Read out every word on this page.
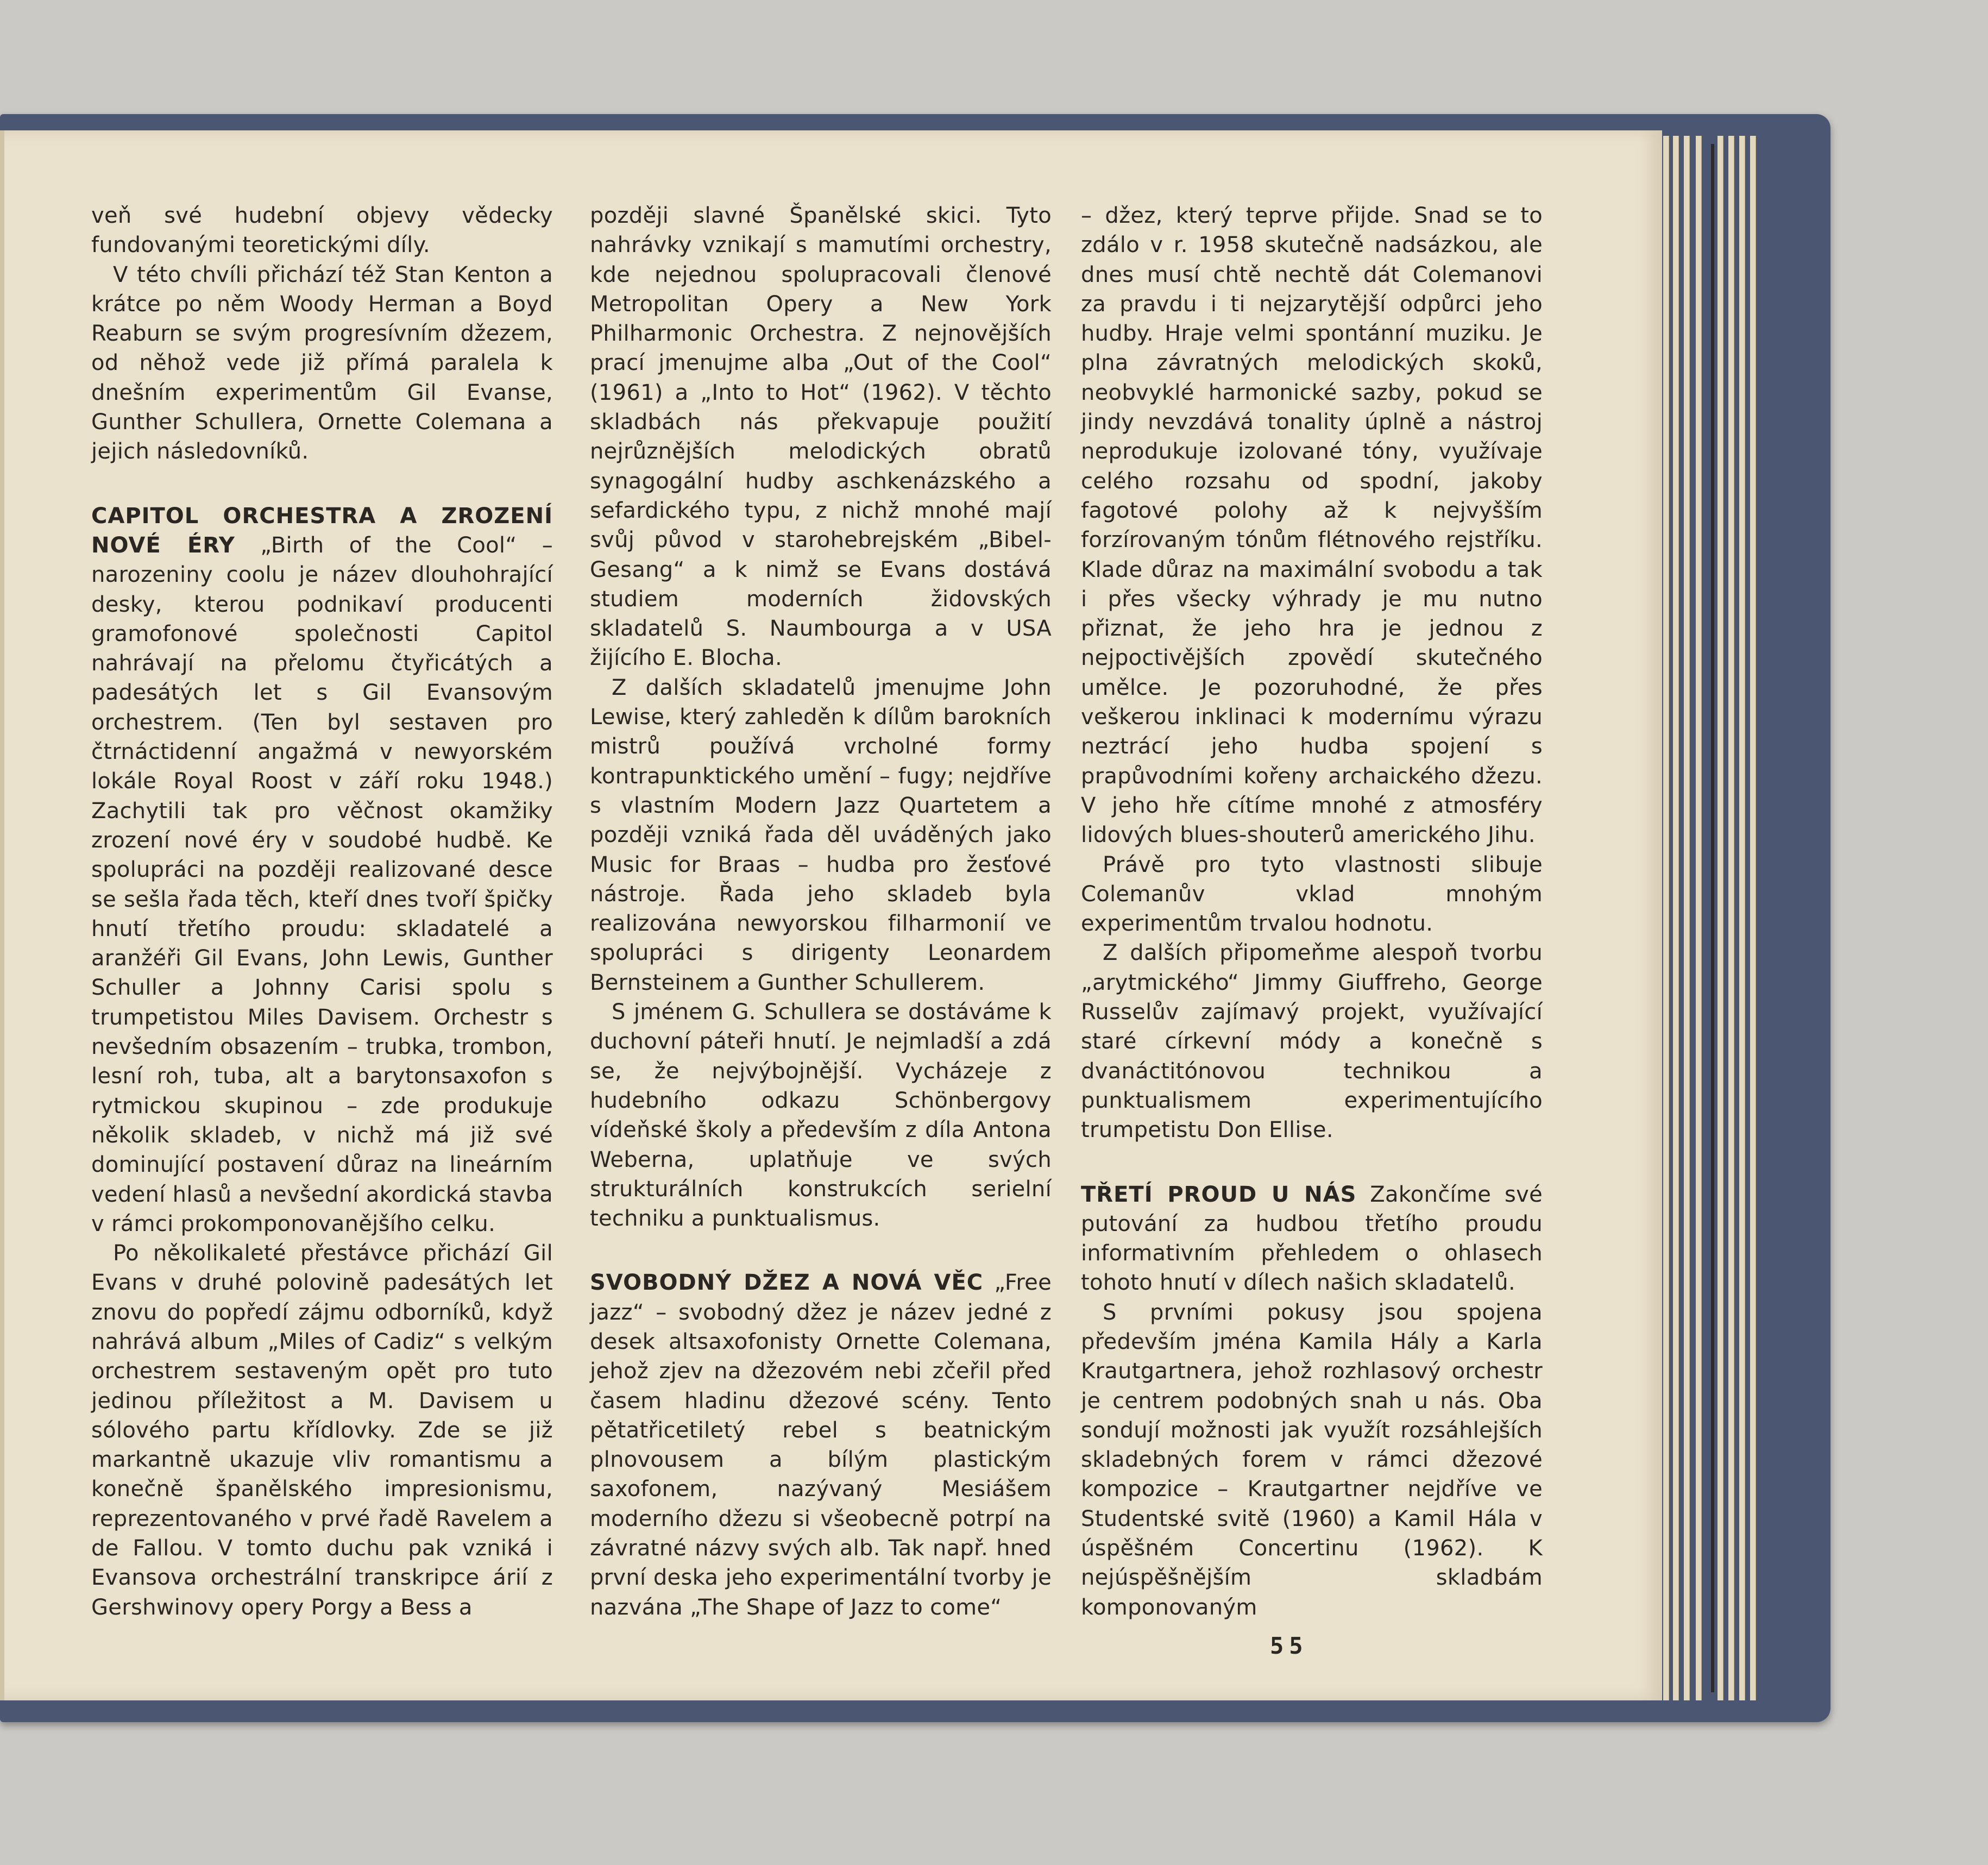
veň své hudební objevy vědecky fundovanými teoretickými díly.

V této chvíli přichází též Stan Kenton a krátce po něm Woody Herman a Boyd Reaburn se svým progresívním džezem, od něhož vede již přímá paralela k dnešním experimentům Gil Evanse, Gunther Schullera, Ornette Colemana a jejich následovníků.

CAPITOL ORCHESTRA A ZROZENÍ NOVÉ ÉRY „Birth of the Cool“ – narozeniny coolu je název dlouhohrající desky, kterou podnikaví producenti gramofonové společnosti Capitol nahrávají na přelomu čtyřicátých a padesátých let s Gil Evansovým orchestrem. (Ten byl sestaven pro čtrnáctidenní angažmá v newyorském lokále Royal Roost v září roku 1948.) Zachytili tak pro věčnost okamžiky zrození nové éry v soudobé hudbě. Ke spolupráci na později realizované desce se sešla řada těch, kteří dnes tvoří špičky hnutí třetího proudu: skladatelé a aranžéři Gil Evans, John Lewis, Gunther Schuller a Johnny Carisi spolu s trumpetistou Miles Davisem. Orchestr s nevšedním obsazením – trubka, trombon, lesní roh, tuba, alt a barytonsaxofon s rytmickou skupinou – zde produkuje několik skladeb, v nichž má již své dominující postavení důraz na lineárním vedení hlasů a nevšední akordická stavba v rámci prokomponovanějšího celku.

Po několikaleté přestávce přichází Gil Evans v druhé polovině padesátých let znovu do popředí zájmu odborníků, když nahrává album „Miles of Cadiz“ s velkým orchestrem sestaveným opět pro tuto jedinou příležitost a M. Davisem u sólového partu křídlovky. Zde se již markantně ukazuje vliv romantismu a konečně španělského impresionismu, reprezentovaného v prvé řadě Ravelem a de Fallou. V tomto duchu pak vzniká i Evansova orchestrální transkripce árií z Gershwinovy opery Porgy a Bess a

později slavné Španělské skici. Tyto nahrávky vznikají s mamutími orchestry, kde nejednou spolupracovali členové Metropolitan Opery a New York Philharmonic Orchestra. Z nejnovějších prací jmenujme alba „Out of the Cool“ (1961) a „Into to Hot“ (1962). V těchto skladbách nás překvapuje použití nejrůznějších melodických obratů synagogální hudby aschkenázského a sefardického typu, z nichž mnohé mají svůj původ v starohebrejském „Bibel-Gesang“ a k nimž se Evans dostává studiem moderních židovských skladatelů S. Naumbourga a v USA žijícího E. Blocha.

Z dalších skladatelů jmenujme John Lewise, který zahleděn k dílům barokních mistrů používá vrcholné formy kontrapunktického umění – fugy; nejdříve s vlastním Modern Jazz Quartetem a později vzniká řada děl uváděných jako Music for Braas – hudba pro žesťové nástroje. Řada jeho skladeb byla realizována newyorskou filharmonií ve spolupráci s dirigenty Leonardem Bernsteinem a Gunther Schullerem.

S jménem G. Schullera se dostáváme k duchovní páteři hnutí. Je nejmladší a zdá se, že nejvýbojnější. Vycházeje z hudebního odkazu Schönbergovy vídeňské školy a především z díla Antona Weberna, uplatňuje ve svých strukturálních konstrukcích serielní techniku a punktualismus.

SVOBODNÝ DŽEZ A NOVÁ VĚC „Free jazz“ – svobodný džez je název jedné z desek altsaxofonisty Ornette Colemana, jehož zjev na džezovém nebi zčeřil před časem hladinu džezové scény. Tento pětatřicetiletý rebel s beatnickým plnovousem a bílým plastickým saxofonem, nazývaný Mesiášem moderního džezu si všeobecně potrpí na závratné názvy svých alb. Tak např. hned první deska jeho experimentální tvorby je nazvána „The Shape of Jazz to come“

– džez, který teprve přijde. Snad se to zdálo v r. 1958 skutečně nadsázkou, ale dnes musí chtě nechtě dát Colemanovi za pravdu i ti nejzarytější odpůrci jeho hudby. Hraje velmi spontánní muziku. Je plna závratných melodických skoků, neobvyklé harmonické sazby, pokud se jindy nevzdává tonality úplně a nástroj neprodukuje izolované tóny, využívaje celého rozsahu od spodní, jakoby fagotové polohy až k nejvyšším forzírovaným tónům flétnového rejstříku. Klade důraz na maximální svobodu a tak i přes všecky výhrady je mu nutno přiznat, že jeho hra je jednou z nejpoctivějších zpovědí skutečného umělce. Je pozoruhodné, že přes veškerou inklinaci k modernímu výrazu neztrácí jeho hudba spojení s prapůvodními kořeny archaického džezu. V jeho hře cítíme mnohé z atmosféry lidových blues-shouterů amerického Jihu.

Právě pro tyto vlastnosti slibuje Colemanův vklad mnohým experimentům trvalou hodnotu.

Z dalších připomeňme alespoň tvorbu „arytmického“ Jimmy Giuffreho, George Russelův zajímavý projekt, využívající staré církevní módy a konečně s dvanáctitónovou technikou a punktualismem experimentujícího trumpetistu Don Ellise.

TŘETÍ PROUD U NÁS Zakončíme své putování za hudbou třetího proudu informativním přehledem o ohlasech tohoto hnutí v dílech našich skladatelů.

S prvními pokusy jsou spojena především jména Kamila Hály a Karla Krautgartnera, jehož rozhlasový orchestr je centrem podobných snah u nás. Oba sondují možnosti jak využít rozsáhlejších skladebných forem v rámci džezové kompozice – Krautgartner nejdříve ve Studentské svitě (1960) a Kamil Hála v úspěšném Concertinu (1962). K nejúspěšnějším skladbám komponovaným

55
